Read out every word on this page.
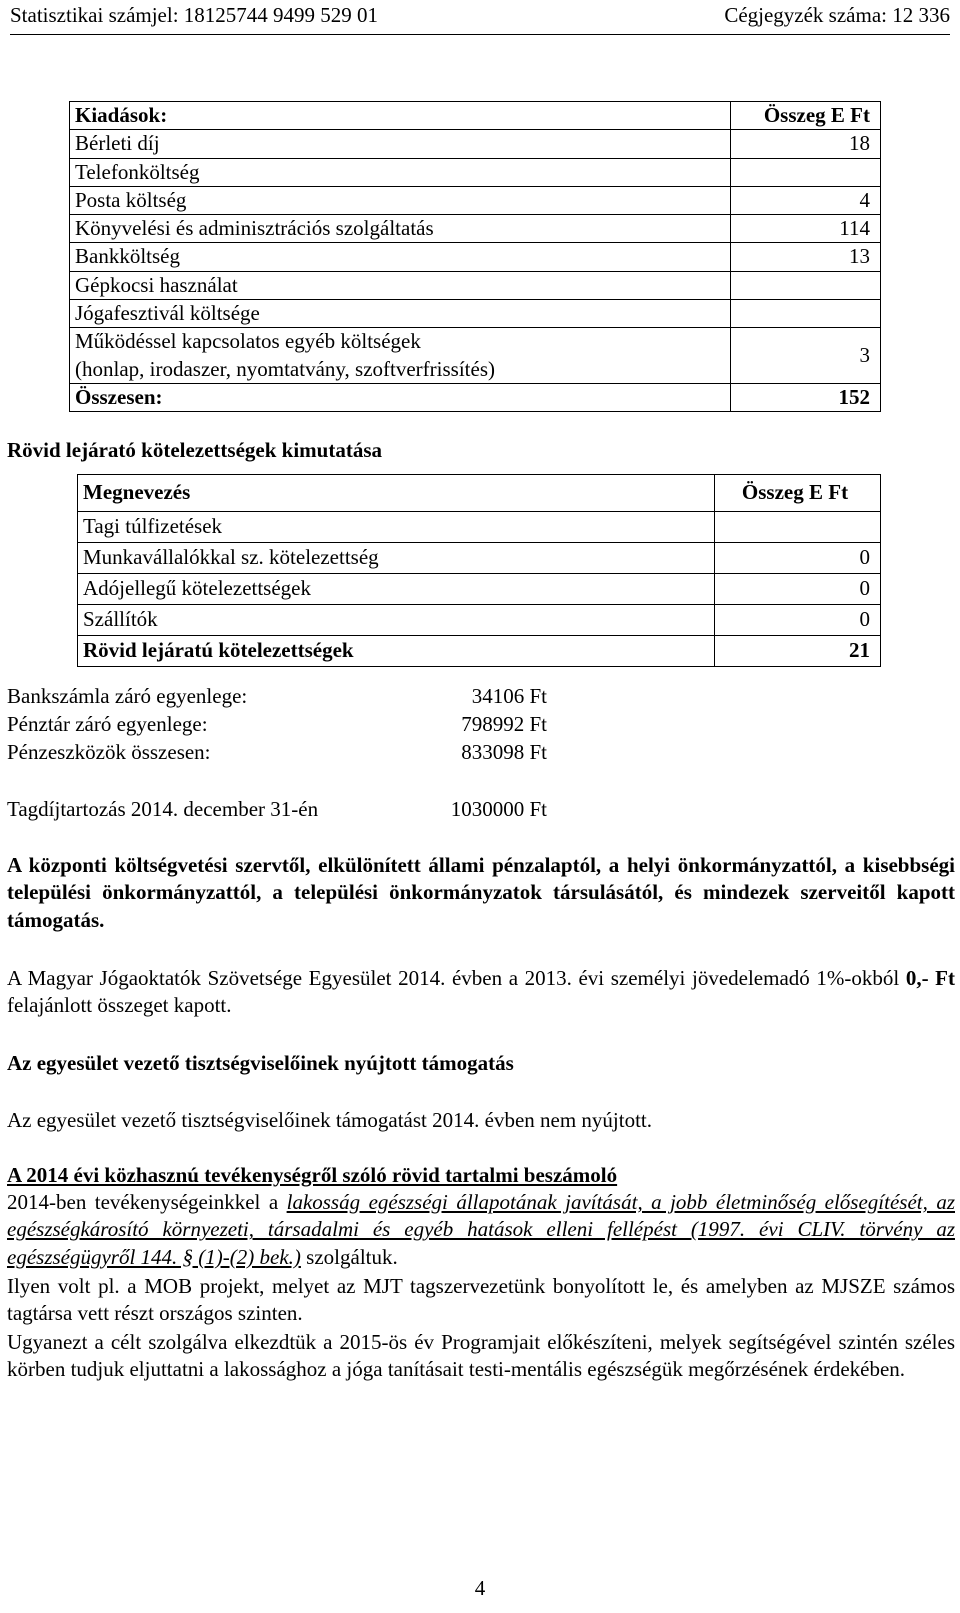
Statisztikai számjel: 18125744 9499 529 01	Cégjegyzék száma: 12 336
Kiadások:	Összeg E Ft
Bérleti díj	18
Telefonköltség	
Posta költség	4
Könyvelési és adminisztrációs szolgáltatás	114
Bankköltség	13
Gépkocsi használat	
Jógafesztivál költsége	

Működéssel kapcsolatos egyéb költségek
(honlap, irodaszer, nyomtatvány, szoftverfrissítés)	3
Összesen:	152
Rövid lejárató kötelezettségek kimutatása
Megnevezés	Összeg E Ft
Tagi túlfizetések	
Munkavállalókkal sz. kötelezettség	0
Adójellegű kötelezettségek	0
Szállítók	0
Rövid lejáratú kötelezettségek	21
Bankszámla záró egyenlege:	34106 Ft
Pénztár záró egyenlege:	798992 Ft
Pénzeszközök összesen:	833098 Ft
Tagdíjtartozás 2014. december 31-én	1030000 Ft
A központi költségvetési szervtől, elkülönített állami pénzalaptól, a helyi önkormányzattól, a kisebbségi települési önkormányzattól, a települési önkormányzatok társulásától, és mindezek szerveitől kapott támogatás.
A Magyar Jógaoktatók Szövetsége Egyesület 2014. évben a 2013. évi személyi jövedelemadó 1%-okból 0,- Ft felajánlott összeget kapott.
Az egyesület vezető tisztségviselőinek nyújtott támogatás
Az egyesület vezető tisztségviselőinek támogatást 2014. évben nem nyújtott.
A 2014 évi közhasznú tevékenységről szóló rövid tartalmi beszámoló
2014-ben tevékenységeinkkel a lakosság egészségi állapotának javítását, a jobb életminőség elősegítését, az egészségkárosító környezeti, társadalmi és egyéb hatások elleni fellépést (1997. évi CLIV. törvény az egészségügyről 144. § (1)-(2) bek.) szolgáltuk.
Ilyen volt pl. a MOB projekt, melyet az MJT tagszervezetünk bonyolított le, és amelyben az MJSZE számos tagtársa vett részt országos szinten.
Ugyanezt a célt szolgálva elkezdtük a 2015-ös év Programjait előkészíteni, melyek segítségével szintén széles körben tudjuk eljuttatni a lakossághoz a jóga tanításait testi-mentális egészségük megőrzésének érdekében.
4
